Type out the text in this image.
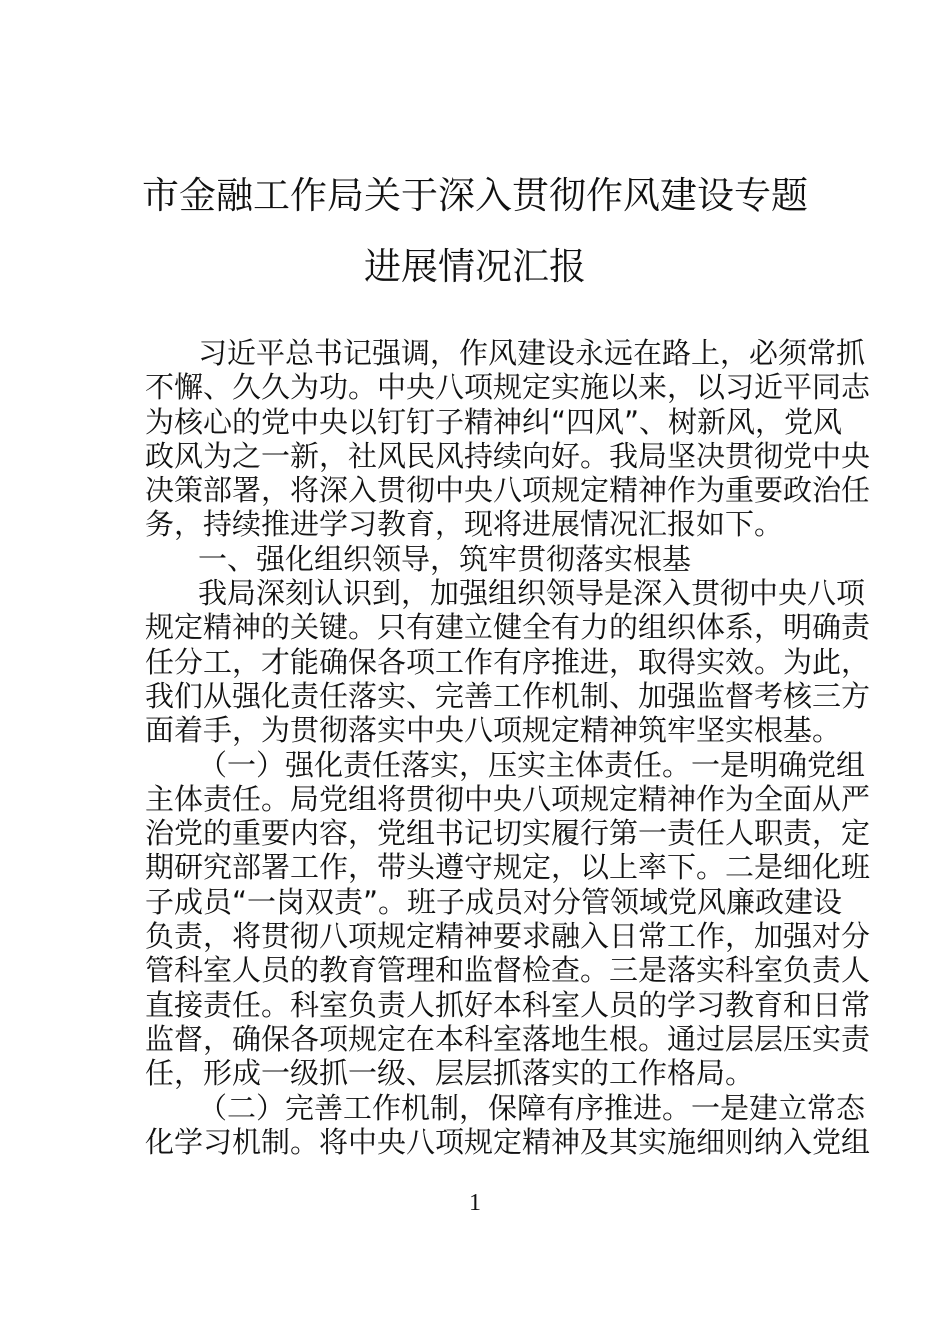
市金融工作局关于深入贯彻作风建设专题
进展情况汇报
习近平总书记强调，作风建设永远在路上，必须常抓
不懈、久久为功。中央八项规定实施以来，以习近平同志
为核心的党中央以钉钉子精神纠“四风”、树新风，党风
政风为之一新，社风民风持续向好。我局坚决贯彻党中央
决策部署，将深入贯彻中央八项规定精神作为重要政治任
务，持续推进学习教育，现将进展情况汇报如下。
一、强化组织领导，筑牢贯彻落实根基
我局深刻认识到，加强组织领导是深入贯彻中央八项
规定精神的关键。只有建立健全有力的组织体系，明确责
任分工，才能确保各项工作有序推进，取得实效。为此，
我们从强化责任落实、完善工作机制、加强监督考核三方
面着手，为贯彻落实中央八项规定精神筑牢坚实根基。
（一）强化责任落实，压实主体责任。一是明确党组
主体责任。局党组将贯彻中央八项规定精神作为全面从严
治党的重要内容，党组书记切实履行第一责任人职责，定
期研究部署工作，带头遵守规定，以上率下。二是细化班
子成员“一岗双责”。班子成员对分管领域党风廉政建设
负责，将贯彻八项规定精神要求融入日常工作，加强对分
管科室人员的教育管理和监督检查。三是落实科室负责人
直接责任。科室负责人抓好本科室人员的学习教育和日常
监督，确保各项规定在本科室落地生根。通过层层压实责
任，形成一级抓一级、层层抓落实的工作格局。
（二）完善工作机制，保障有序推进。一是建立常态
化学习机制。将中央八项规定精神及其实施细则纳入党组
1
